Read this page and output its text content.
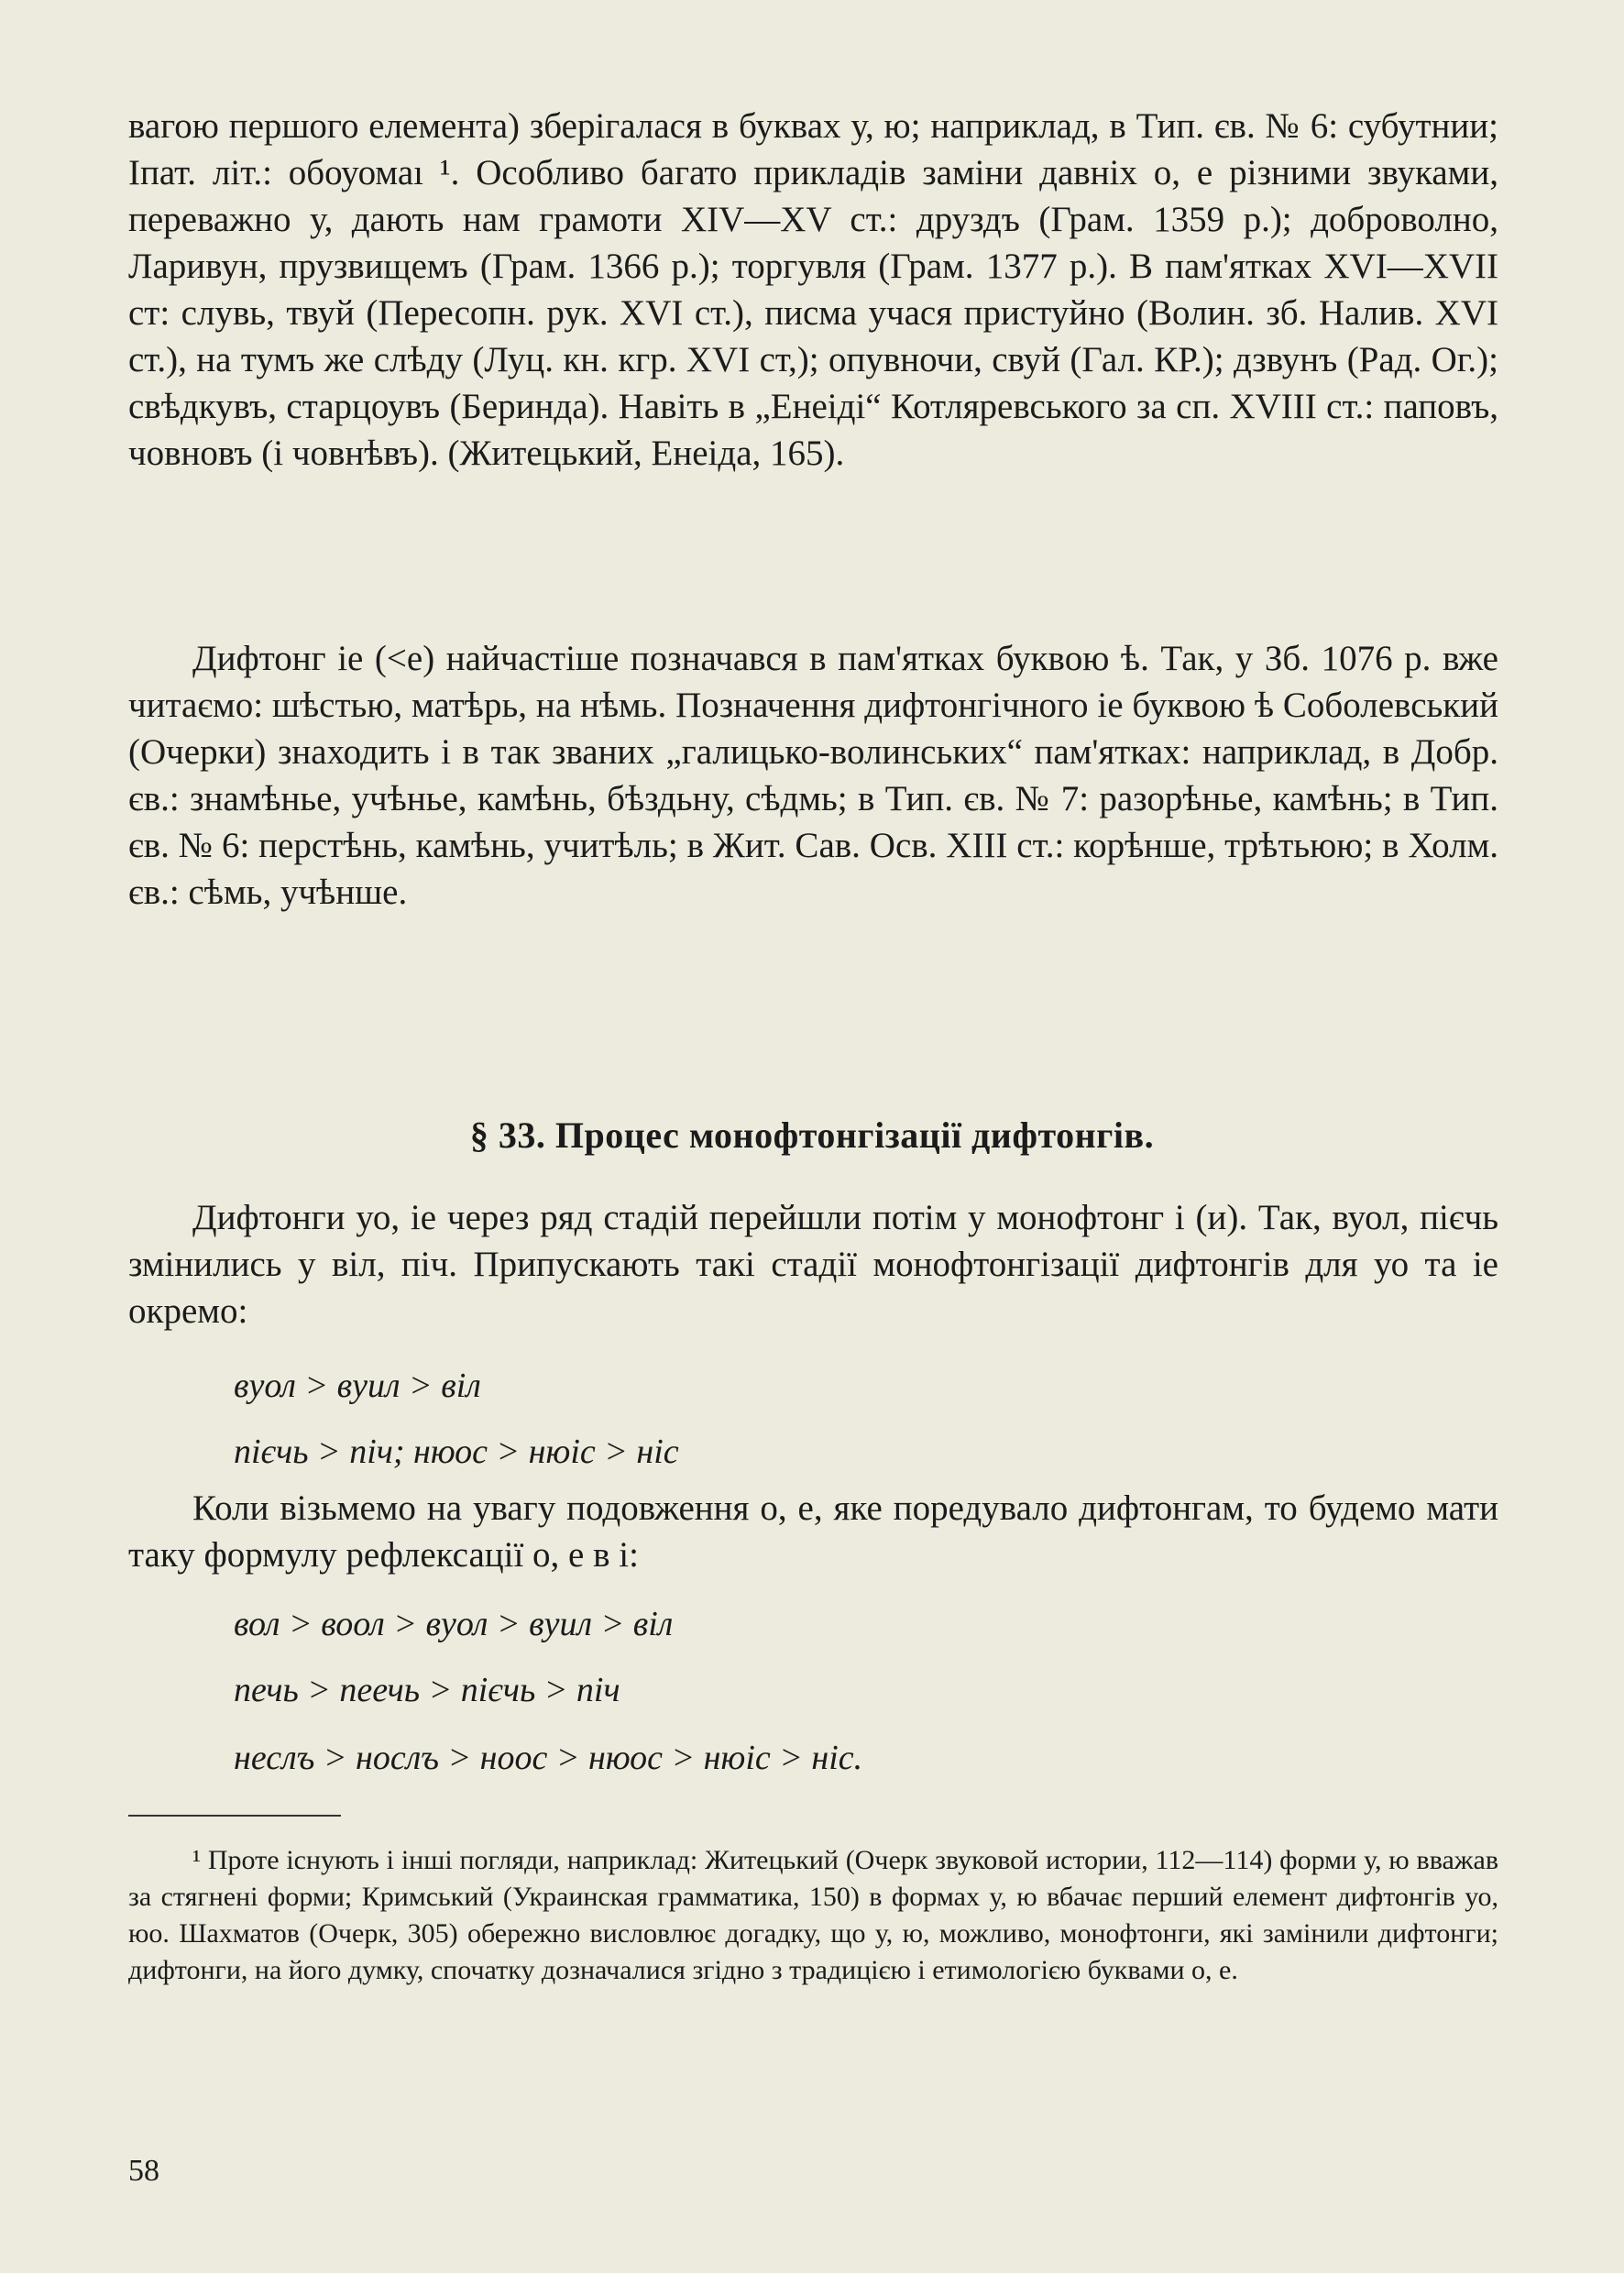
вагою першого елемента) зберігалася в буквах у, ю; наприклад, в Тип. єв. № 6: субутнии; Іпат. літ.: обоуомаı ¹. Особливо багато прикладів заміни давніх о, е різними звуками, переважно у, дають нам грамоти XIV—XV ст.: друздъ (Грам. 1359 р.); доброволно, Ларивун, прузвищемъ (Грам. 1366 р.); торгувля (Грам. 1377 р.). В пам'ятках XVI—XVII ст: слувь, твуй (Пересопн. рук. XVI ст.), писма учася пристуйно (Волин. зб. Налив. XVI ст.), на тумъ же слѣду (Луц. кн. кгр. XVI ст,); опувночи, свуй (Гал. КР.); дзвунъ (Рад. Ог.); свѣдкувъ, старцоувъ (Беринда). Навіть в „Енеіді“ Котляревського за сп. XVIII ст.: паповъ, човновъ (і човнѣвъ). (Житецький, Енеіда, 165).

Дифтонг іе (<е) найчастіше позначався в пам'ятках буквою ѣ. Так, у Зб. 1076 р. вже читаємо: шѣстью, матѣрь, на нѣмь. Позначення дифтонгічного іе буквою ѣ Соболевський (Очерки) знаходить і в так званих „галицько-волинських“ пам'ятках: наприклад, в Добр. єв.: знамѣнье, учѣнье, камѣнь, бѣздьну, сѣдмь; в Тип. єв. № 7: разорѣнье, камѣнь; в Тип. єв. № 6: перстѣнь, камѣнь, учитѣль; в Жит. Сав. Осв. XIII ст.: корѣнше, трѣтьюю; в Холм. єв.: сѣмь, учѣнше.

§ 33. Процес монофтонгізації дифтонгів.

Дифтонги уо, іе через ряд стадій перейшли потім у монофтонг і (и). Так, вуол, пієчь змінились у віл, піч. Припускають такі стадії монофтонгізації дифтонгів для уо та іе окремо:

вуол > вуил > віл
пієчь > піч; нюос > нюіс > ніс

Коли візьмемо на увагу подовження о, е, яке поредувало дифтонгам, то будемо мати таку формулу рефлексації о, е в і:

вол > воол > вуол > вуил > віл
печь > пеечь > пієчь > піч
неслъ > нослъ > ноос > нюос > нюіс > ніс.

¹ Проте існують і інші погляди, наприклад: Житецький (Очерк звуковой истории, 112—114) форми у, ю вважав за стягнені форми; Кримський (Украинская грамматика, 150) в формах у, ю вбачає перший елемент дифтонгів уо, юо. Шахматов (Очерк, 305) обережно висловлює догадку, що у, ю, можливо, монофтонги, які замінили дифтонги; дифтонги, на його думку, спочатку дозначалися згідно з традицією і етимологією буквами о, е.

58
